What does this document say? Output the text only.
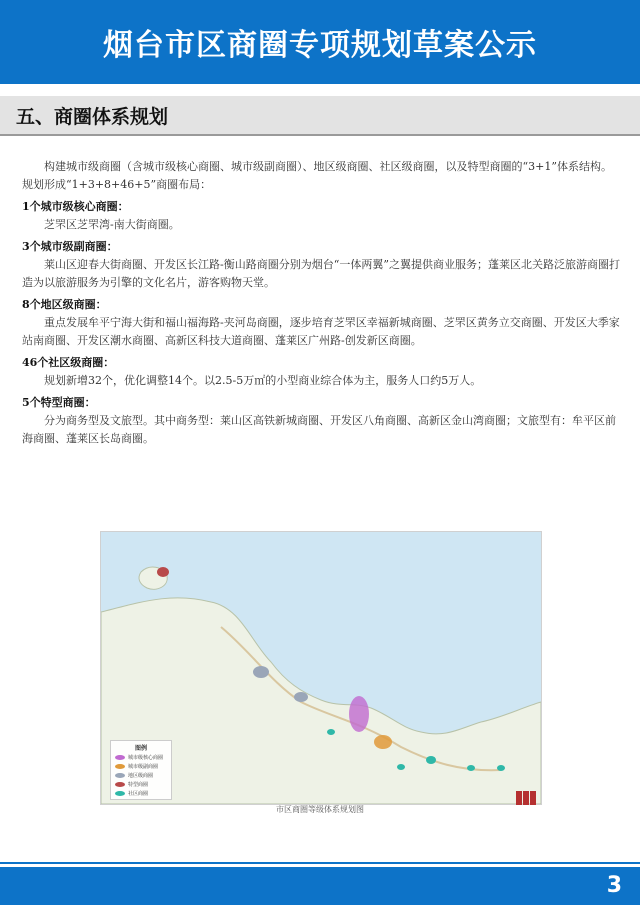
烟台市区商圈专项规划草案公示
五、商圈体系规划

构建城市级商圈（含城市级核心商圈、城市级副商圈）、地区级商圈、社区级商圈，以及特型商圈的“3+1”体系结构。规划形成“1+3+8+46+5”商圈布局：

1个城市级核心商圈：

芝罘区芝罘湾-南大街商圈。

3个城市级副商圈：

莱山区迎春大街商圈、开发区长江路-衡山路商圈分别为烟台“一体两翼”之翼提供商业服务；蓬莱区北关路泛旅游商圈打造为以旅游服务为引擎的文化名片，游客购物天堂。

8个地区级商圈：

重点发展牟平宁海大街和福山福海路-夹河岛商圈，逐步培育芝罘区幸福新城商圈、芝罘区黄务立交商圈、开发区大季家站南商圈、开发区潮水商圈、高新区科技大道商圈、蓬莱区广州路-创发新区商圈。

46个社区级商圈：

规划新增32个，优化调整14个。以2.5-5万㎡的小型商业综合体为主，服务人口约5万人。

5个特型商圈：

分为商务型及文旅型。其中商务型：莱山区高铁新城商圈、开发区八角商圈、高新区金山湾商圈；文旅型有：牟平区前海商圈、蓬莱区长岛商圈。

图例
城市级核心商圈
城市级副商圈
地区级商圈
特型商圈
社区商圈
市区商圈等级体系规划图
3
